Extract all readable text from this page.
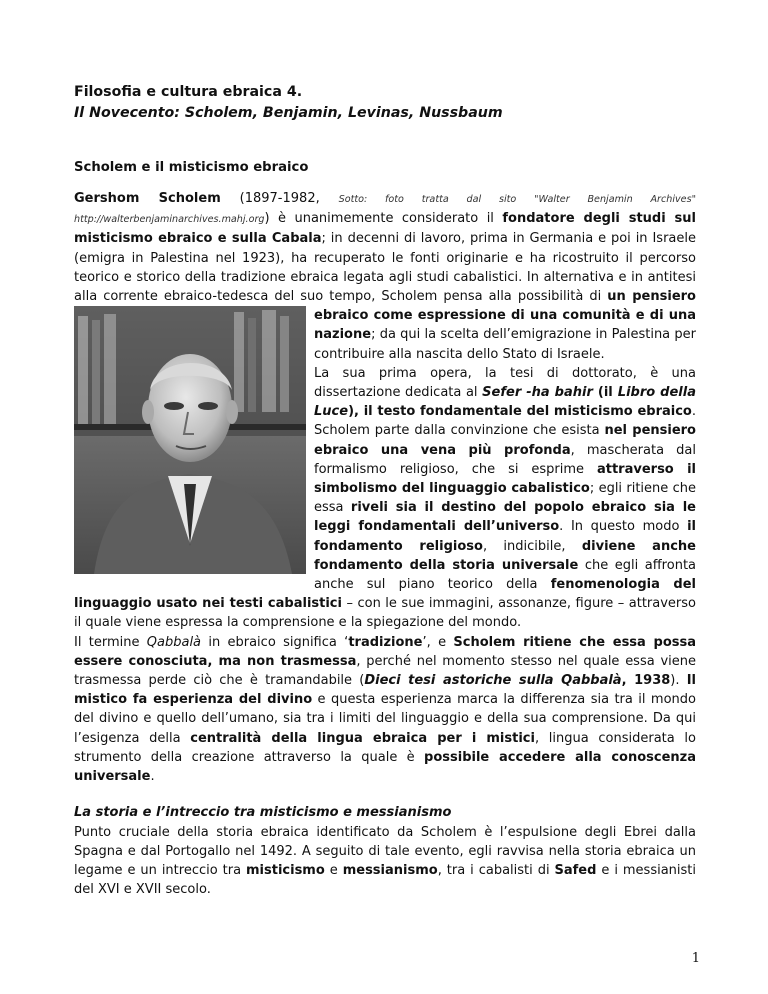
Filosofia e cultura ebraica 4.
Il Novecento: Scholem, Benjamin, Levinas, Nussbaum
Scholem e il misticismo ebraico

Gershom Scholem (1897-1982, Sotto: foto tratta dal sito "Walter Benjamin Archives" http://walterbenjaminarchives.mahj.org) è unanimemente considerato il fondatore degli studi sul misticismo ebraico e sulla Cabala; in decenni di lavoro, prima in Germania e poi in Israele (emigra in Palestina nel 1923), ha recuperato le fonti originarie e ha ricostruito il percorso teorico e storico della tradizione ebraica legata agli studi cabalistici. In alternativa e in antitesi alla corrente ebraico-tedesca del suo tempo, Scholem pensa alla possibilità di
un pensiero ebraico come espressione di una comunità e di una nazione; da qui la scelta dell’emigrazione in Palestina per contribuire alla nascita dello Stato di Israele.
La sua prima opera, la tesi di dottorato, è una dissertazione dedicata al Sefer -ha bahir (il Libro della Luce), il testo fondamentale del misticismo ebraico. Scholem parte dalla convinzione che esista nel pensiero ebraico una vena più profonda, mascherata dal formalismo religioso, che si esprime attraverso il simbolismo del linguaggio cabalistico; egli ritiene che essa riveli sia il destino del popolo ebraico sia le leggi fondamentali dell’universo. In questo modo il fondamento religioso, indicibile, diviene anche fondamento della storia universale che egli affronta anche sul piano teorico della fenomenologia del linguaggio usato nei testi cabalistici – con le sue immagini, assonanze, figure – attraverso il quale viene espressa la comprensione e la spiegazione del mondo.

Il termine Qabbalà in ebraico significa ‘tradizione’, e Scholem ritiene che essa possa essere conosciuta, ma non trasmessa, perché nel momento stesso nel quale essa viene trasmessa perde ciò che è tramandabile (Dieci tesi astoriche sulla Qabbalà, 1938). Il mistico fa esperienza del divino e questa esperienza marca la differenza sia tra il mondo del divino e quello dell’umano, sia tra i limiti del linguaggio e della sua comprensione. Da qui l’esigenza della centralità della lingua ebraica per i mistici, lingua considerata lo strumento della creazione attraverso la quale è possibile accedere alla conoscenza universale.

La storia e l’intreccio tra misticismo e messianismo

Punto cruciale della storia ebraica identificato da Scholem è l’espulsione degli Ebrei dalla Spagna e dal Portogallo nel 1492. A seguito di tale evento, egli ravvisa nella storia ebraica un legame e un intreccio tra misticismo e messianismo, tra i cabalisti di Safed e i messianisti del XVI e XVII secolo.

1
